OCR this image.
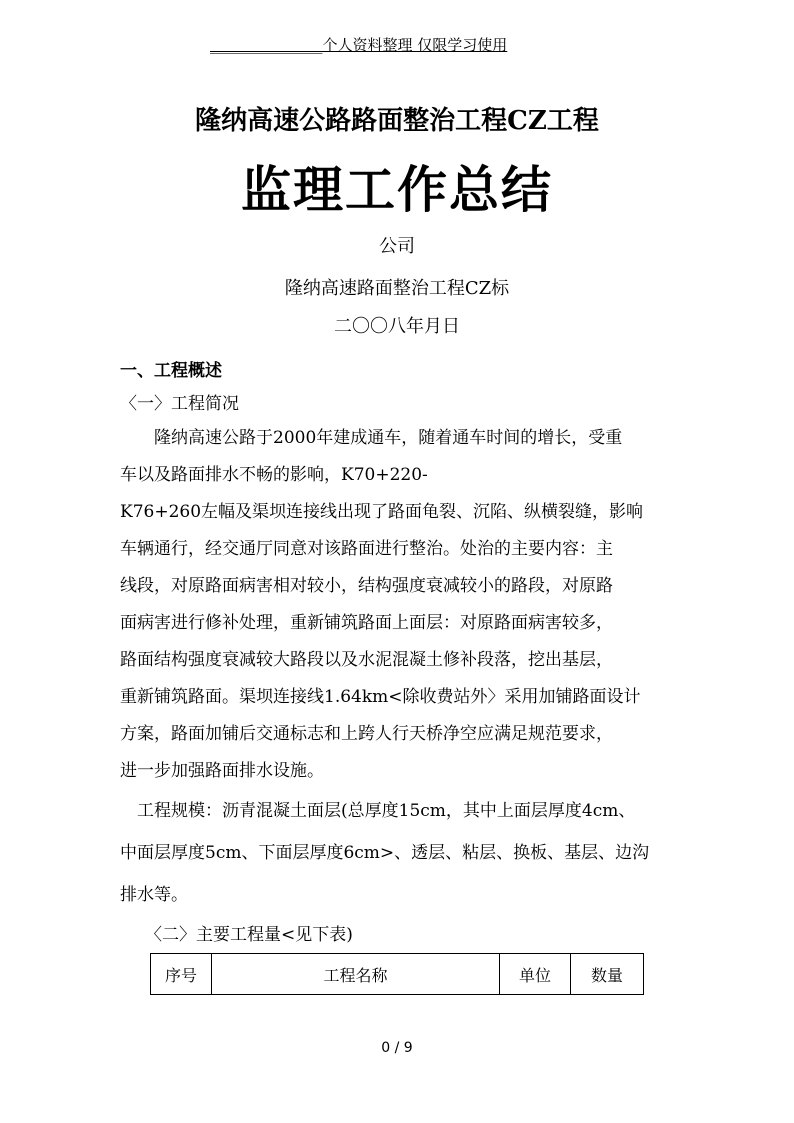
_______________个人资料整理 仅限学习使用
隆纳高速公路路面整治工程CZ工程
监理工作总结
公司
隆纳高速路面整治工程CZ标
二〇〇八年月日
一、工程概述
〈一〉工程简况
　　隆纳高速公路于2000年建成通车，随着通车时间的增长，受重
车以及路面排水不畅的影响，K70+220-
K76+260左幅及渠坝连接线出现了路面龟裂、沉陷、纵横裂缝，影响
车辆通行，经交通厅同意对该路面进行整治。处治的主要内容：主
线段，对原路面病害相对较小，结构强度衰减较小的路段，对原路
面病害进行修补处理，重新铺筑路面上面层：对原路面病害较多，
路面结构强度衰减较大路段以及水泥混凝土修补段落，挖出基层，
重新铺筑路面。渠坝连接线1.64km<除收费站外〉采用加铺路面设计
方案，路面加铺后交通标志和上跨人行天桥净空应满足规范要求，
进一步加强路面排水设施。
　工程规模：沥青混凝土面层(总厚度15cm，其中上面层厚度4cm、
中面层厚度5cm、下面层厚度6cm>、透层、粘层、换板、基层、边沟
排水等。
〈二〉主要工程量<见下表)
序号	工程名称	单位	数量
0 / 9
